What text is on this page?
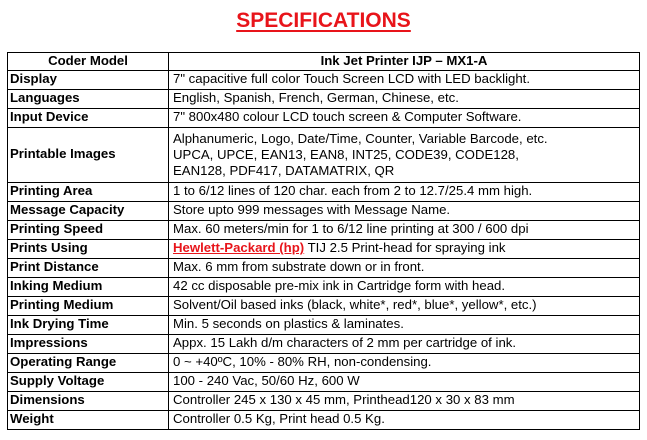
SPECIFICATIONS
Coder Model	Ink Jet Printer IJP – MX1-A
Display	7" capacitive full color Touch Screen LCD with LED backlight.
Languages	English, Spanish, French, German, Chinese, etc.
Input Device	7" 800x480 colour LCD touch screen & Computer Software.
Printable Images	Alphanumeric, Logo, Date/Time, Counter, Variable Barcode, etc.
UPCA, UPCE, EAN13, EAN8, INT25, CODE39, CODE128,
EAN128, PDF417, DATAMATRIX, QR

Printing Area	1 to 6/12 lines of 120 char. each from 2 to 12.7/25.4 mm high.
Message Capacity	Store upto 999 messages with Message Name.
Printing Speed	Max. 60 meters/min for 1 to 6/12 line printing at 300 / 600 dpi
Prints Using	Hewlett-Packard (hp) TIJ 2.5 Print-head for spraying ink
Print Distance	Max. 6 mm from substrate down or in front.
Inking Medium	42 cc disposable pre-mix ink in Cartridge form with head.
Printing Medium	Solvent/Oil based inks (black, white*, red*, blue*, yellow*, etc.)
Ink Drying Time	Min. 5 seconds on plastics & laminates.
Impressions	Appx. 15 Lakh d/m characters of 2 mm per cartridge of ink.
Operating Range	0 ~ +40ºC, 10% - 80% RH, non-condensing.
Supply Voltage	100 - 240 Vac, 50/60 Hz, 600 W
Dimensions	Controller 245 x 130 x 45 mm, Printhead120 x 30 x 83 mm
Weight	Controller 0.5 Kg, Print head 0.5 Kg.
